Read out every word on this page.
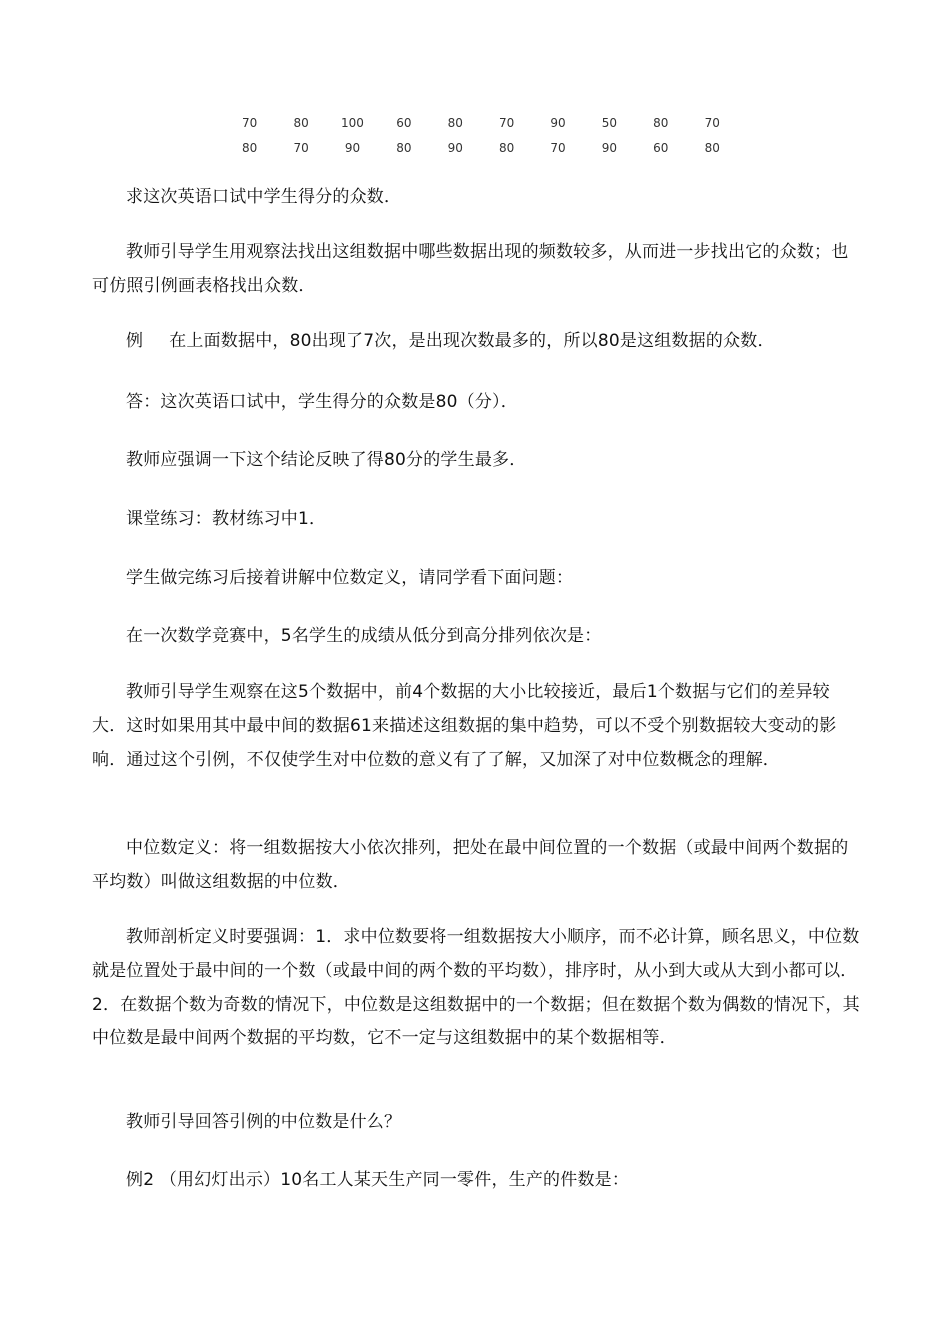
70	80	100	60	80	70	90	50	80	70
80	70	90	80	90	80	70	90	60	80

求这次英语口试中学生得分的众数．

教师引导学生用观察法找出这组数据中哪些数据出现的频数较多，从而进一步找出它的众数；也可仿照引例画表格找出众数．

例 在上面数据中，80出现了7次，是出现次数最多的，所以80是这组数据的众数．

答：这次英语口试中，学生得分的众数是80（分）．

教师应强调一下这个结论反映了得80分的学生最多．

课堂练习：教材练习中1．

学生做完练习后接着讲解中位数定义，请同学看下面问题：

在一次数学竞赛中，5名学生的成绩从低分到高分排列依次是：

教师引导学生观察在这5个数据中，前4个数据的大小比较接近，最后1个数据与它们的差异较大．这时如果用其中最中间的数据61来描述这组数据的集中趋势，可以不受个别数据较大变动的影响．通过这个引例，不仅使学生对中位数的意义有了了解，又加深了对中位数概念的理解．

中位数定义：将一组数据按大小依次排列，把处在最中间位置的一个数据（或最中间两个数据的平均数）叫做这组数据的中位数．

教师剖析定义时要强调：1．求中位数要将一组数据按大小顺序，而不必计算，顾名思义，中位数就是位置处于最中间的一个数（或最中间的两个数的平均数），排序时，从小到大或从大到小都可以．2．在数据个数为奇数的情况下，中位数是这组数据中的一个数据；但在数据个数为偶数的情况下，其中位数是最中间两个数据的平均数，它不一定与这组数据中的某个数据相等．

教师引导回答引例的中位数是什么？

例2 （用幻灯出示）10名工人某天生产同一零件，生产的件数是：
